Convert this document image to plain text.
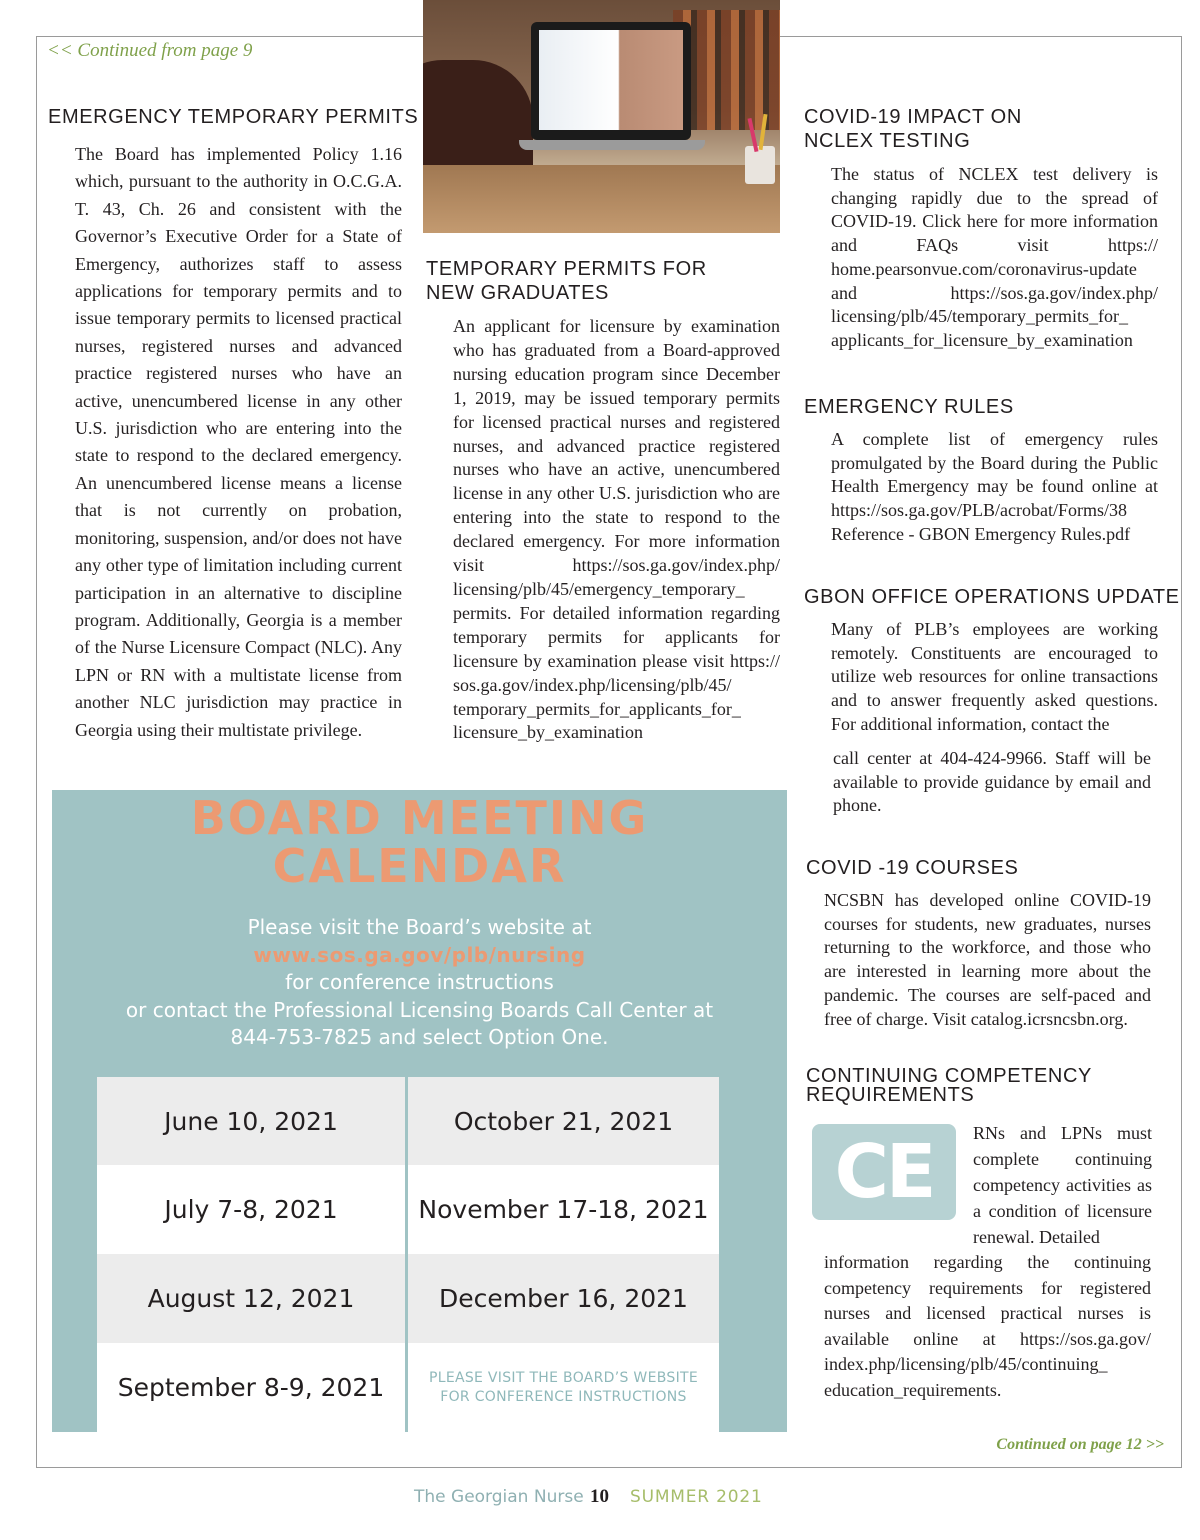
<< Continued from page 9
EMERGENCY TEMPORARY PERMITS

The Board has implemented Policy 1.16 which, pursuant to the authority in O.C.G.A. T. 43, Ch. 26 and consistent with the Governor’s Executive Order for a State of Emergency, authorizes staff to assess applications for temporary permits and to issue temporary permits to licensed practical nurses, registered nurses and advanced practice registered nurses who have an active, unencumbered license in any other U.S. jurisdiction who are entering into the state to respond to the declared emergency. An unencumbered license means a license that is not currently on probation, monitoring, suspension, and/or does not have any other type of limitation including current participation in an alternative to discipline program. Additionally, Georgia is a member of the Nurse Licensure Compact (NLC). Any LPN or RN with a multistate license from another NLC jurisdiction may practice in Georgia using their multistate privilege.

TEMPORARY PERMITS FOR
NEW GRADUATES

An applicant for licensure by examination who has graduated from a Board-approved nursing education program since December 1, 2019, may be issued temporary permits for licensed practical nurses and registered nurses, and advanced practice registered nurses who have an active, unencumbered license in any other U.S. jurisdiction who are entering into the state to respond to the declared emergency. For more information visit https://sos.ga.gov/index.php/ licensing/plb/45/emergency_temporary_ permits. For detailed information regarding temporary permits for applicants for licensure by examination please visit https:// sos.ga.gov/index.php/licensing/plb/45/ temporary_permits_for_applicants_for_ licensure_by_examination

COVID-19 IMPACT ON
NCLEX TESTING

The status of NCLEX test delivery is changing rapidly due to the spread of COVID-19. Click here for more information and FAQs visit https:// home.pearsonvue.com/coronavirus-update and https://sos.ga.gov/index.php/ licensing/plb/45/temporary_permits_for_ applicants_for_licensure_by_examination

EMERGENCY RULES

A complete list of emergency rules promulgated by the Board during the Public Health Emergency may be found online at https://sos.ga.gov/PLB/acrobat/Forms/38 Reference - GBON Emergency Rules.pdf

GBON OFFICE OPERATIONS UPDATE

Many of PLB’s employees are working remotely. Constituents are encouraged to utilize web resources for online transactions and to answer frequently asked questions. For additional information, contact the

call center at 404-424-9966. Staff will be available to provide guidance by email and phone.

COVID -19 COURSES

NCSBN has developed online COVID-19 courses for students, new graduates, nurses returning to the workforce, and those who are interested in learning more about the pandemic. The courses are self-paced and free of charge. Visit catalog.icrsncsbn.org.

CONTINUING COMPETENCY
REQUIREMENTS
CE	RNs and LPNs must complete continuing competency activities as a condition of licensure renewal. Detailed

information regarding the continuing competency requirements for registered nurses and licensed practical nurses is available online at https://sos.ga.gov/ index.php/licensing/plb/45/continuing_ education_requirements.

BOARD MEETING
CALENDAR
Please visit the Board’s website at
www.sos.ga.gov/plb/nursing
for conference instructions
or contact the Professional Licensing Boards Call Center at
844-753-7825 and select Option One.
June 10, 2021	October 21, 2021
July 7-8, 2021	November 17-18, 2021
August 12, 2021	December 16, 2021
September 8-9, 2021	PLEASE VISIT THE BOARD’S WEBSITE
FOR CONFERENCE INSTRUCTIONS
Continued on page 12 >>
The Georgian Nurse 10 SUMMER 2021
